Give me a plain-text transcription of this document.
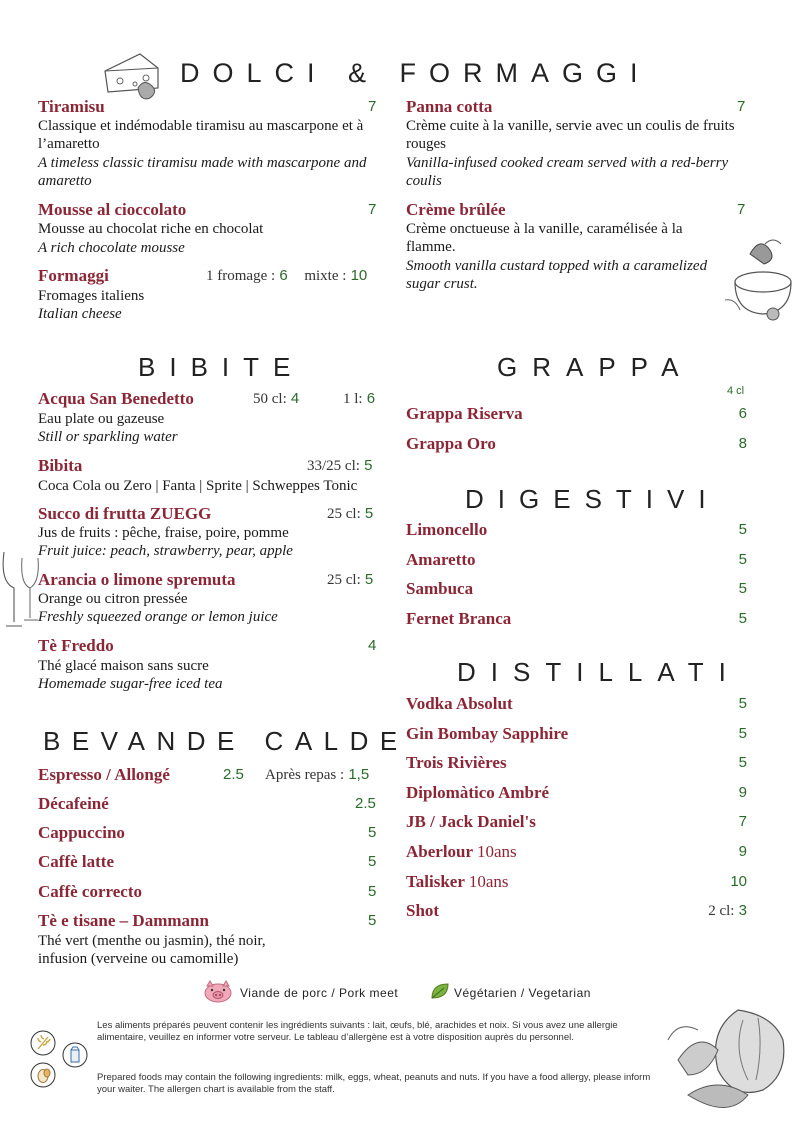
DOLCI & FORMAGGI
Tiramisu	7
Classique et indémodable tiramisu au mascarpone et à l’amaretto
A timeless classic tiramisu made with mascarpone and amaretto
Mousse al cioccolato	7
Mousse au chocolat riche en chocolat
A rich chocolate mousse
Formaggi	1 fromage : 6 mixte : 10
Fromages italiens
Italian cheese
Panna cotta	7
Crème cuite à la vanille, servie avec un coulis de fruits rouges
Vanilla-infused cooked cream served with a red-berry coulis
Crème brûlée	7
Crème onctueuse à la vanille, caramélisée à la flamme.
Smooth vanilla custard topped with a caramelized sugar crust.
BIBITE
Acqua San Benedetto	50 cl: 4	1 l: 6
Eau plate ou gazeuse
Still or sparkling water
Bibita	33/25 cl: 5
Coca Cola ou Zero | Fanta | Sprite | Schweppes Tonic
Succo di frutta ZUEGG	25 cl: 5
Jus de fruits : pêche, fraise, poire, pomme
Fruit juice: peach, strawberry, pear, apple
Arancia o limone spremuta	25 cl: 5
Orange ou citron pressée
Freshly squeezed orange or lemon juice
Tè Freddo	4
Thé glacé maison sans sucre
Homemade sugar-free iced tea
BEVANDE CALDE
Espresso / Allongé	2.5 Après repas : 1,5
Décafeiné	2.5
Cappuccino	5
Caffè latte	5
Caffè correcto	5
Tè e tisane – Dammann	5
Thé vert (menthe ou jasmin), thé noir, infusion (verveine ou camomille)
GRAPPA
4 cl
Grappa Riserva	6
Grappa Oro	8
DIGESTIVI
Limoncello	5
Amaretto	5
Sambuca	5
Fernet Branca	5
DISTILLATI
Vodka Absolut	5
Gin Bombay Sapphire	5
Trois Rivières	5
Diplomàtico Ambré	9
JB / Jack Daniel's	7
Aberlour 10ans	9
Talisker 10ans	10
Shot	2 cl: 3
Viande de porc / Pork meet	Végétarien / Vegetarian
Les aliments préparés peuvent contenir les ingrédients suivants : lait, œufs, blé, arachides et noix. Si vous avez une allergie alimentaire, veuillez en informer votre serveur. Le tableau d’allergène est à votre disposition auprès du personnel.
Prepared foods may contain the following ingredients: milk, eggs, wheat, peanuts and nuts. If you have a food allergy, please inform your waiter. The allergen chart is available from the staff.
